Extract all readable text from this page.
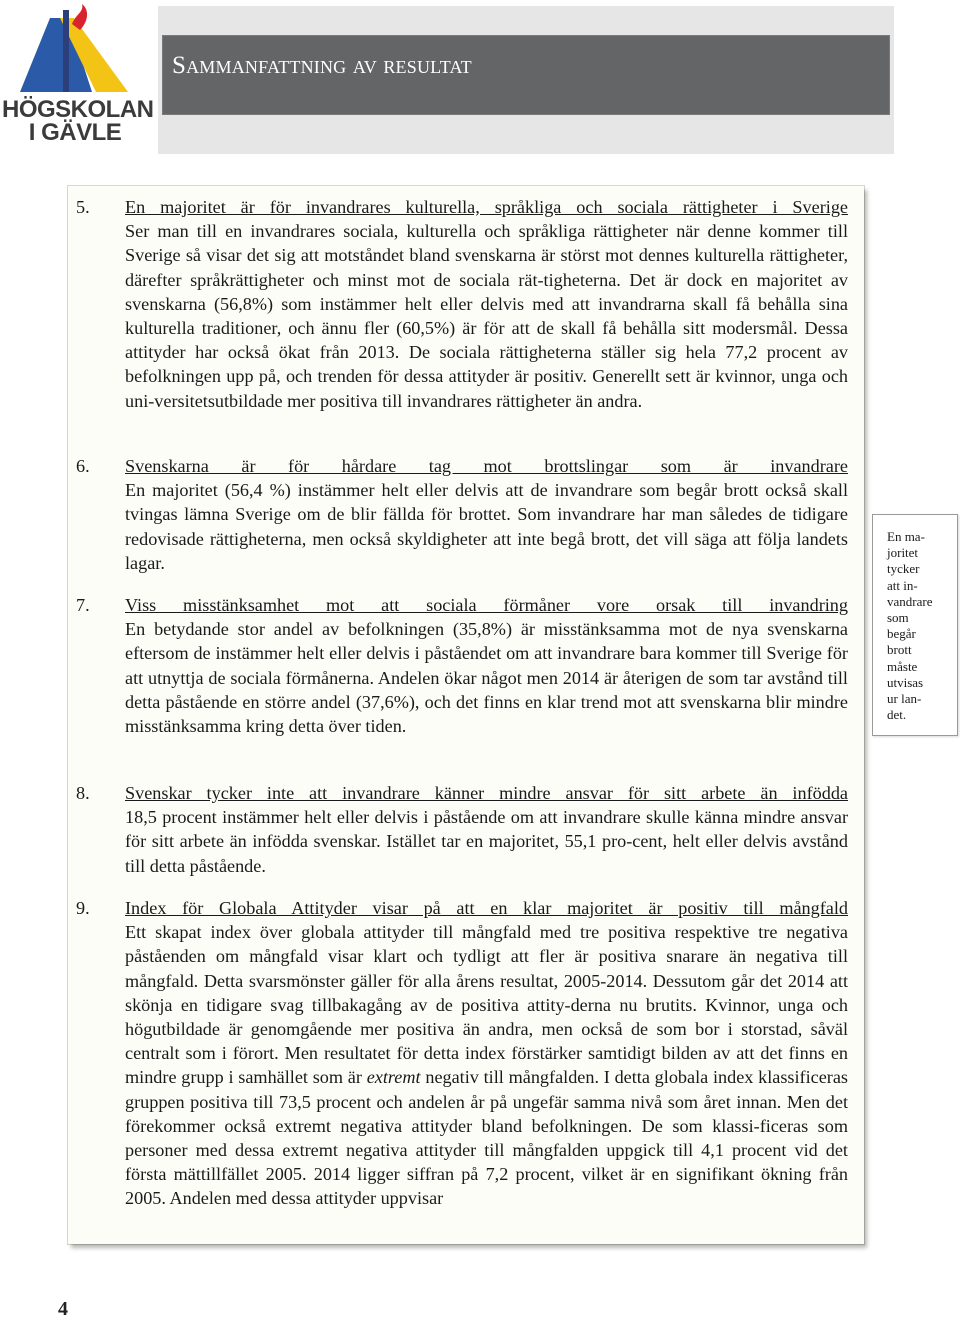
HÖGSKOLAN
I GÄVLE
Sammanfattning av resultat
5. En majoritet är för invandrares kulturella, språkliga och sociala rättigheter i Sverige
Ser man till en invandrares sociala, kulturella och språkliga rättigheter när denne kommer till Sverige så visar det sig att motståndet bland svenskarna är störst mot dennes kulturella rättigheter, därefter språkrättigheter och minst mot de sociala rät-tigheterna. Det är dock en majoritet av svenskarna (56,8%) som instämmer helt eller delvis med att invandrarna skall få behålla sina kulturella traditioner, och ännu fler (60,5%) är för att de skall få behålla sitt modersmål. Dessa attityder har också ökat från 2013. De sociala rättigheterna ställer sig hela 77,2 procent av befolkningen upp på, och trenden för dessa attityder är positiv. Generellt sett är kvinnor, unga och uni-versitetsutbildade mer positiva till invandrares rättigheter än andra.
6. Svenskarna är för hårdare tag mot brottslingar som är invandrare
En majoritet (56,4 %) instämmer helt eller delvis att de invandrare som begår brott också skall tvingas lämna Sverige om de blir fällda för brottet. Som invandrare har man således de tidigare redovisade rättigheterna, men också skyldigheter att inte begå brott, det vill säga att följa landets lagar.
7. Viss misstänksamhet mot att sociala förmåner vore orsak till invandring
En betydande stor andel av befolkningen (35,8%) är misstänksamma mot de nya svenskarna eftersom de instämmer helt eller delvis i påståendet om att invandrare bara kommer till Sverige för att utnyttja de sociala förmånerna. Andelen ökar något men 2014 är återigen de som tar avstånd till detta påstående en större andel (37,6%), och det finns en klar trend mot att svenskarna blir mindre misstänksamma kring detta över tiden.
8. Svenskar tycker inte att invandrare känner mindre ansvar för sitt arbete än infödda
18,5 procent instämmer helt eller delvis i påstående om att invandrare skulle känna mindre ansvar för sitt arbete än infödda svenskar. Istället tar en majoritet, 55,1 pro-cent, helt eller delvis avstånd till detta påstående.
9. Index för Globala Attityder visar på att en klar majoritet är positiv till mångfald
Ett skapat index över globala attityder till mångfald med tre positiva respektive tre negativa påståenden om mångfald visar klart och tydligt att fler är positiva snarare än negativa till mångfald. Detta svarsmönster gäller för alla årens resultat, 2005-2014. Dessutom går det 2014 att skönja en tidigare svag tillbakagång av de positiva attity-derna nu brutits. Kvinnor, unga och högutbildade är genomgående mer positiva än andra, men också de som bor i storstad, såväl centralt som i förort. Men resultatet för detta index förstärker samtidigt bilden av att det finns en mindre grupp i samhället som är extremt negativ till mångfalden. I detta globala index klassificeras gruppen positiva till 73,5 procent och andelen år på ungefär samma nivå som året innan. Men det förekommer också extremt negativa attityder bland befolkningen. De som klassi-ficeras som personer med dessa extremt negativa attityder till mångfalden uppgick till 4,1 procent vid det första mättillfället 2005. 2014 ligger siffran på 7,2 procent, vilket är en signifikant ökning från 2005. Andelen med dessa attityder uppvisar
En ma-
joritet
tycker
att in-
vandrare
som
begår
brott
måste
utvisas
ur lan-
det.
4
